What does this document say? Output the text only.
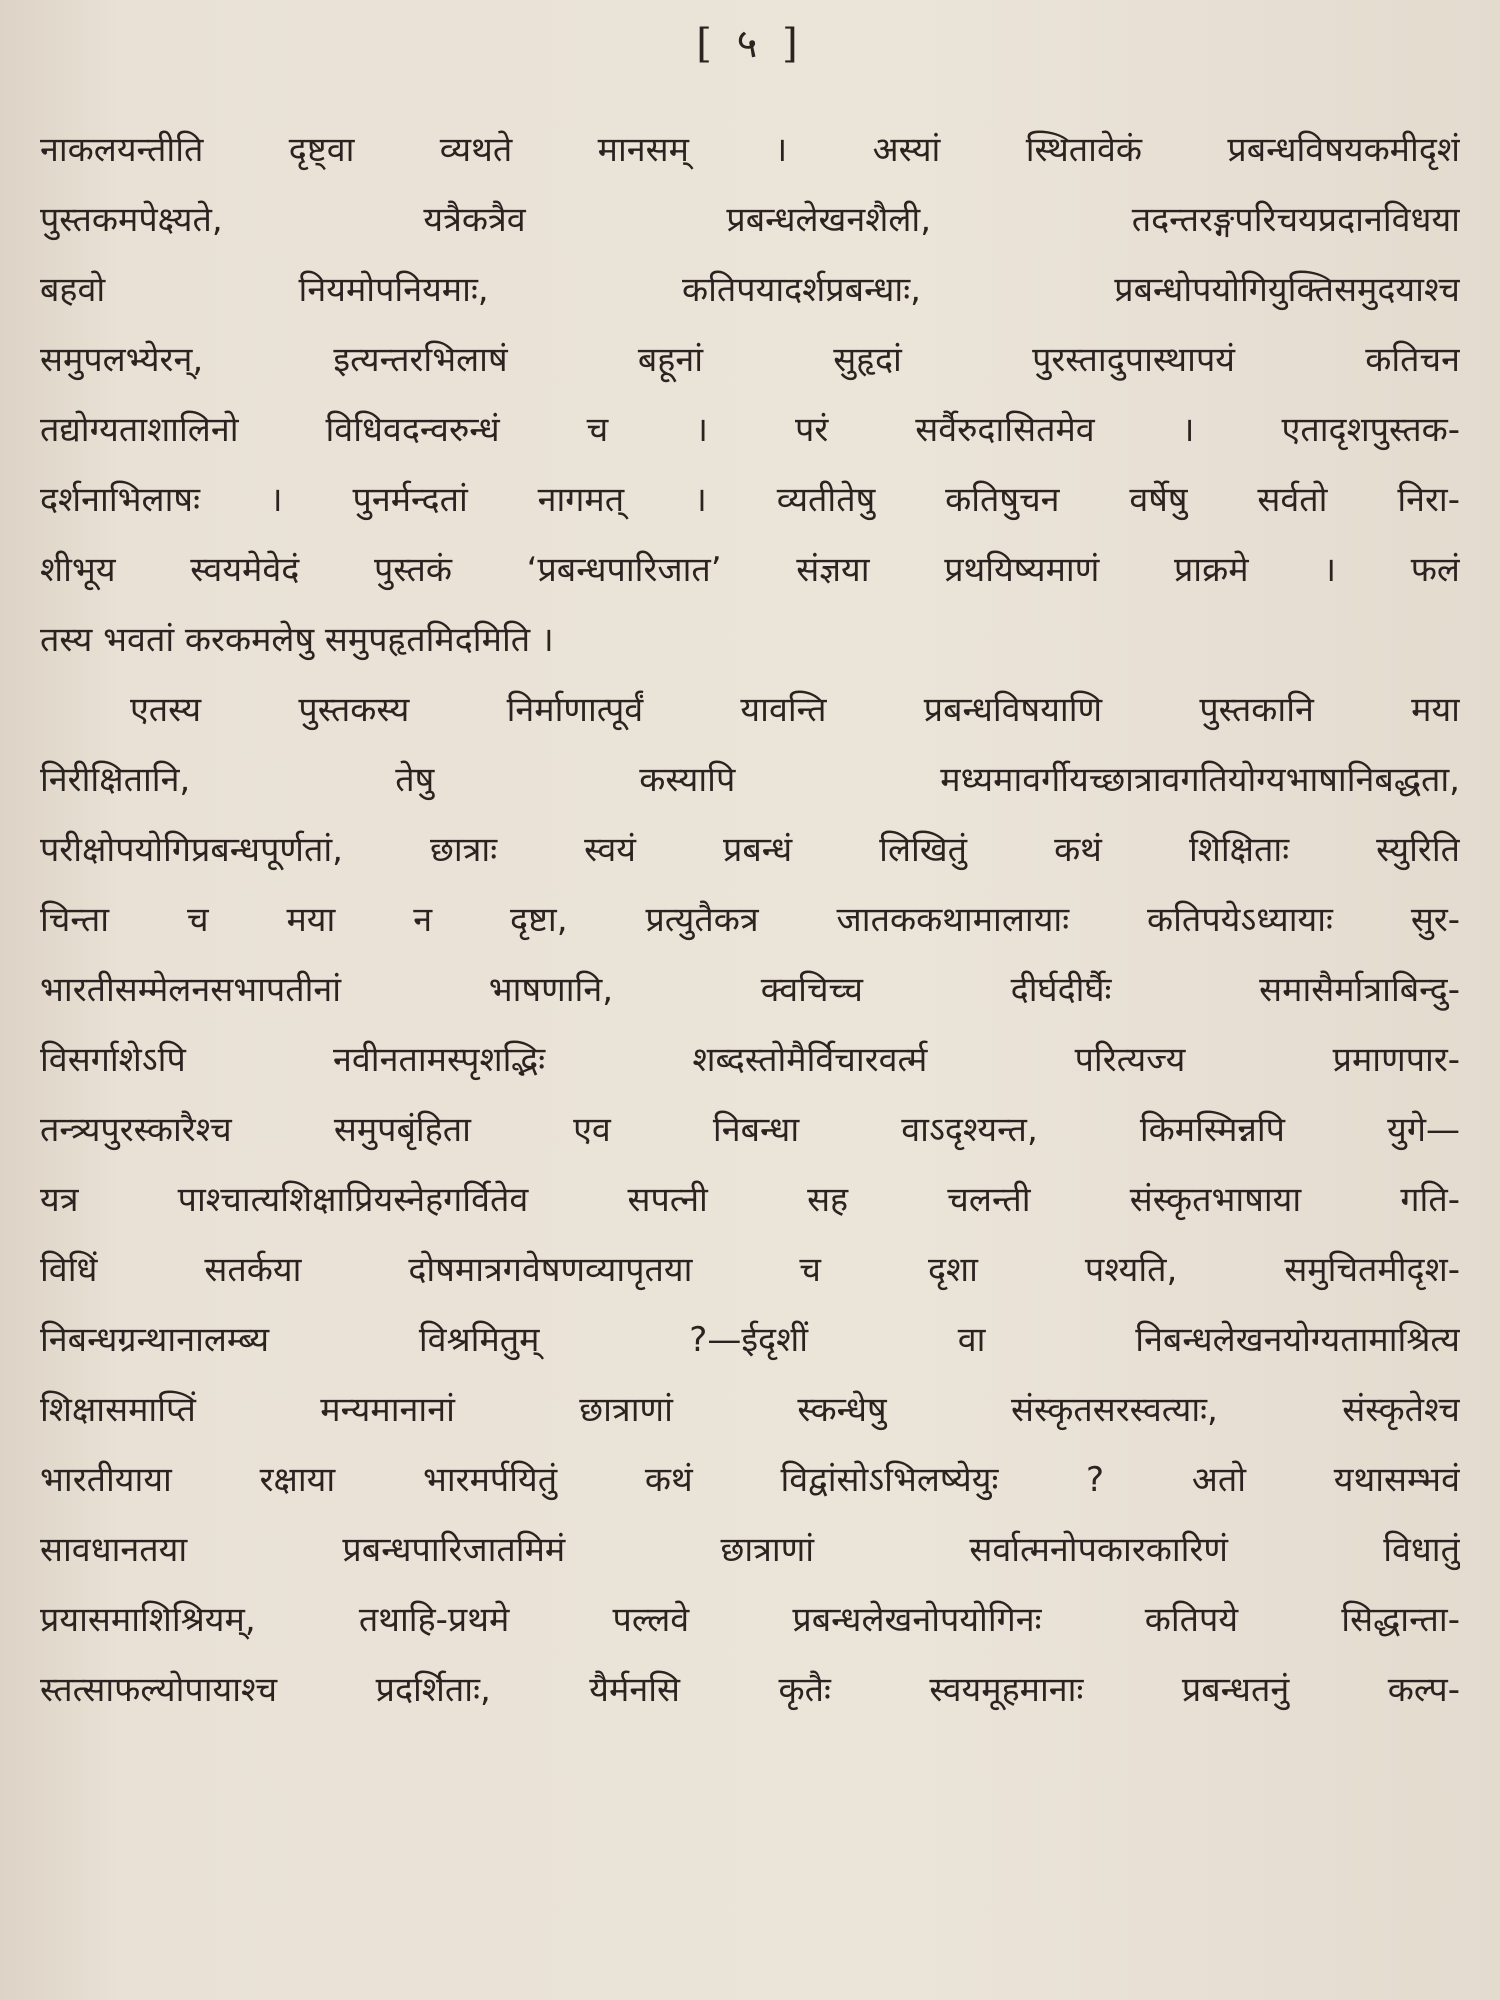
[ ५ ]
नाकलयन्तीति दृष्ट्वा व्यथते मानसम् । अस्यां स्थितावेकं प्रबन्धविषयकमीदृशं
पुस्तकमपेक्ष्यते, यत्रैकत्रैव प्रबन्धलेखनशैली, तदन्तरङ्गपरिचयप्रदानविधया
बहवो नियमोपनियमाः, कतिपयादर्शप्रबन्धाः, प्रबन्धोपयोगियुक्तिसमुदयाश्च
समुपलभ्येरन्, इत्यन्तरभिलाषं बहूनां सुहृदां पुरस्तादुपास्थापयं कतिचन
तद्योग्यताशालिनो विधिवदन्वरुन्धं च । परं सर्वैरुदासितमेव । एतादृशपुस्तक-
दर्शनाभिलाषः । पुनर्मन्दतां नागमत् । व्यतीतेषु कतिषुचन वर्षेषु सर्वतो निरा-
शीभूय स्वयमेवेदं पुस्तकं ‘प्रबन्धपारिजात’ संज्ञया प्रथयिष्यमाणं प्राक्रमे । फलं
तस्य भवतां करकमलेषु समुपहृतमिदमिति ।
एतस्य पुस्तकस्य निर्माणात्पूर्वं यावन्ति प्रबन्धविषयाणि पुस्तकानि मया
निरीक्षितानि, तेषु कस्यापि मध्यमावर्गीयच्छात्रावगतियोग्यभाषानिबद्धता,
परीक्षोपयोगिप्रबन्धपूर्णतां, छात्राः स्वयं प्रबन्धं लिखितुं कथं शिक्षिताः स्युरिति
चिन्ता च मया न दृष्टा, प्रत्युतैकत्र जातककथामालायाः कतिपयेऽध्यायाः सुर-
भारतीसम्मेलनसभापतीनां भाषणानि, क्वचिच्च दीर्घदीर्घैः समासैर्मात्राबिन्दु-
विसर्गाशेऽपि नवीनतामस्पृशद्भिः शब्दस्तोमैर्विचारवर्त्म परित्यज्य प्रमाणपार-
तन्त्र्यपुरस्कारैश्च समुपबृंहिता एव निबन्धा वाऽदृश्यन्त, किमस्मिन्नपि युगे—
यत्र पाश्चात्यशिक्षाप्रियस्नेहगर्वितेव सपत्नी सह चलन्ती संस्कृतभाषाया गति-
विधिं सतर्कया दोषमात्रगवेषणव्यापृतया च दृशा पश्यति, समुचितमीदृश-
निबन्धग्रन्थानालम्ब्य विश्रमितुम् ?—ईदृशीं वा निबन्धलेखनयोग्यतामाश्रित्य
शिक्षासमाप्तिं मन्यमानानां छात्राणां स्कन्धेषु संस्कृतसरस्वत्याः, संस्कृतेश्च
भारतीयाया रक्षाया भारमर्पयितुं कथं विद्वांसोऽभिलष्येयुः ? अतो यथासम्भवं
सावधानतया प्रबन्धपारिजातमिमं छात्राणां सर्वात्मनोपकारकारिणं विधातुं
प्रयासमाशिश्रियम्, तथाहि-प्रथमे पल्लवे प्रबन्धलेखनोपयोगिनः कतिपये सिद्धान्ता-
स्तत्साफल्योपायाश्च प्रदर्शिताः, यैर्मनसि कृतैः स्वयमूहमानाः प्रबन्धतनुं कल्प-
